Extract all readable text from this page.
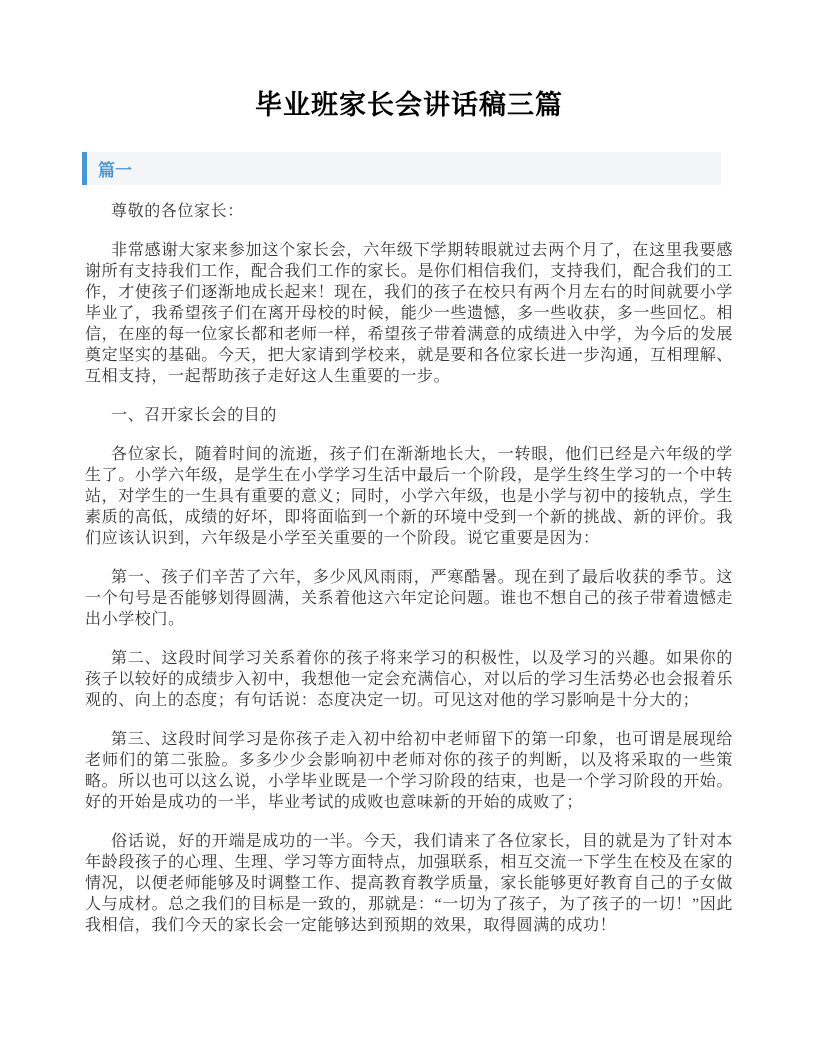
毕业班家长会讲话稿三篇
篇一

尊敬的各位家长：

非常感谢大家来参加这个家长会，六年级下学期转眼就过去两个月了，在这里我要感谢所有支持我们工作，配合我们工作的家长。是你们相信我们，支持我们，配合我们的工作，才使孩子们逐渐地成长起来！现在，我们的孩子在校只有两个月左右的时间就要小学毕业了，我希望孩子们在离开母校的时候，能少一些遗憾，多一些收获，多一些回忆。相信，在座的每一位家长都和老师一样，希望孩子带着满意的成绩进入中学，为今后的发展奠定坚实的基础。今天，把大家请到学校来，就是要和各位家长进一步沟通，互相理解、互相支持，一起帮助孩子走好这人生重要的一步。

一、召开家长会的目的

各位家长，随着时间的流逝，孩子们在渐渐地长大，一转眼，他们已经是六年级的学生了。小学六年级，是学生在小学学习生活中最后一个阶段，是学生终生学习的一个中转站，对学生的一生具有重要的意义；同时，小学六年级，也是小学与初中的接轨点，学生素质的高低，成绩的好坏，即将面临到一个新的环境中受到一个新的挑战、新的评价。我们应该认识到，六年级是小学至关重要的一个阶段。说它重要是因为：

第一、孩子们辛苦了六年，多少风风雨雨，严寒酷暑。现在到了最后收获的季节。这一个句号是否能够划得圆满，关系着他这六年定论问题。谁也不想自己的孩子带着遗憾走出小学校门。

第二、这段时间学习关系着你的孩子将来学习的积极性，以及学习的兴趣。如果你的孩子以较好的成绩步入初中，我想他一定会充满信心，对以后的学习生活势必也会报着乐观的、向上的态度；有句话说：态度决定一切。可见这对他的学习影响是十分大的；

第三、这段时间学习是你孩子走入初中给初中老师留下的第一印象，也可谓是展现给老师们的第二张脸。多多少少会影响初中老师对你的孩子的判断，以及将采取的一些策略。所以也可以这么说，小学毕业既是一个学习阶段的结束，也是一个学习阶段的开始。好的开始是成功的一半，毕业考试的成败也意味新的开始的成败了；

俗话说，好的开端是成功的一半。今天，我们请来了各位家长，目的就是为了针对本年龄段孩子的心理、生理、学习等方面特点，加强联系，相互交流一下学生在校及在家的情况，以便老师能够及时调整工作、提高教育教学质量，家长能够更好教育自己的子女做人与成材。总之我们的目标是一致的，那就是：“一切为了孩子，为了孩子的一切！”因此我相信，我们今天的家长会一定能够达到预期的效果，取得圆满的成功！
